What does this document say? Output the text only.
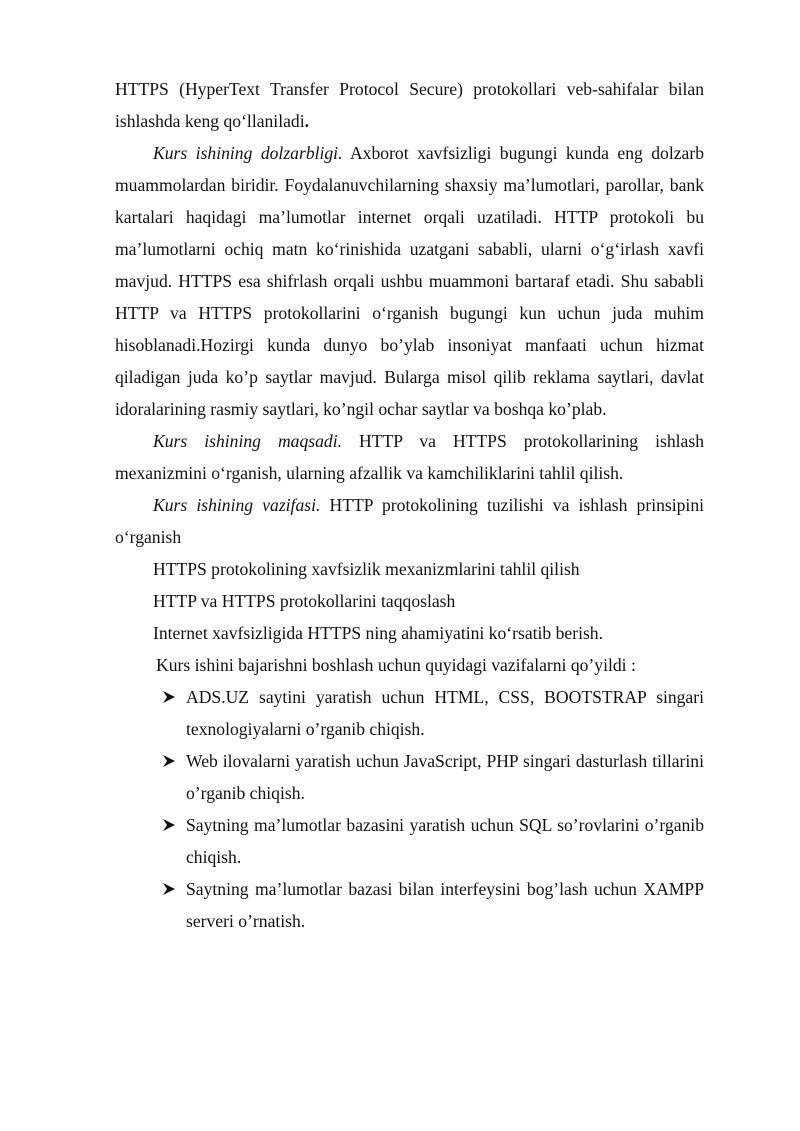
HTTPS (HyperText Transfer Protocol Secure) protokollari veb-sahifalar bilan ishlashda keng qo‘llaniladi.

Kurs ishining dolzarbligi. Axborot xavfsizligi bugungi kunda eng dolzarb muammolardan biridir. Foydalanuvchilarning shaxsiy ma’lumotlari, parollar, bank kartalari haqidagi ma’lumotlar internet orqali uzatiladi. HTTP protokoli bu ma’lumotlarni ochiq matn ko‘rinishida uzatgani sababli, ularni o‘g‘irlash xavfi mavjud. HTTPS esa shifrlash orqali ushbu muammoni bartaraf etadi. Shu sababli HTTP va HTTPS protokollarini o‘rganish bugungi kun uchun juda muhim hisoblanadi.Hozirgi kunda dunyo bo’ylab insoniyat manfaati uchun hizmat qiladigan juda ko’p saytlar mavjud. Bularga misol qilib reklama saytlari, davlat idoralarining rasmiy saytlari, ko’ngil ochar saytlar va boshqa ko’plab.

Kurs ishining maqsadi. HTTP va HTTPS protokollarining ishlash mexanizmini o‘rganish, ularning afzallik va kamchiliklarini tahlil qilish.

Kurs ishining vazifasi. HTTP protokolining tuzilishi va ishlash prinsipini o‘rganish

HTTPS protokolining xavfsizlik mexanizmlarini tahlil qilish

HTTP va HTTPS protokollarini taqqoslash

Internet xavfsizligida HTTPS ning ahamiyatini ko‘rsatib berish.

Kurs ishini bajarishni boshlash uchun quyidagi vazifalarni qo’yildi :

ADS.UZ saytini yaratish uchun HTML, CSS, BOOTSTRAP singari texnologiyalarni o’rganib chiqish.
Web ilovalarni yaratish uchun JavaScript, PHP singari dasturlash tillarini o’rganib chiqish.
Saytning ma’lumotlar bazasini yaratish uchun SQL so’rovlarini o’rganib chiqish.
Saytning ma’lumotlar bazasi bilan interfeysini bog’lash uchun XAMPP serveri o’rnatish.
